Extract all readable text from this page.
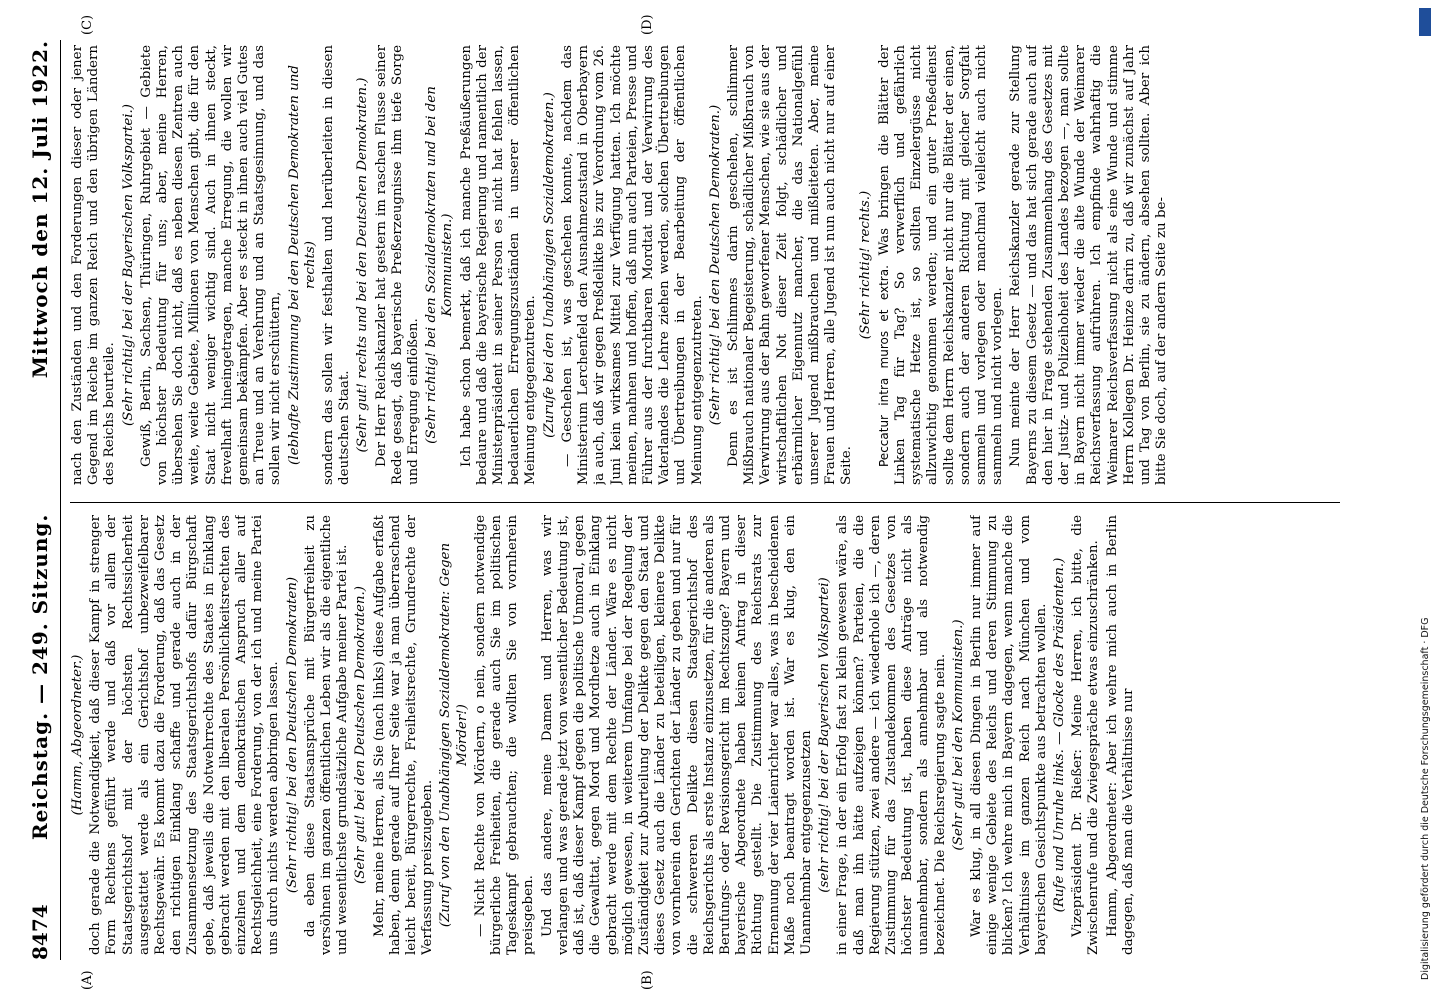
8474
Reichstag. — 249. Sitzung.
Mittwoch den 12. Juli 1922.
(A)	(B)
(C)	(D)

(Hamm, Abgeordneter.) doch gerade die Notwendigkeit, daß dieser Kampf in strenger Form Rechtens geführt werde und daß vor allem der Staatsgerichtshof mit der höchsten Rechtssicherheit ausgestattet werde als ein Gerichtshof unbezweifelbarer Rechtsgewähr. Es kommt dazu die Forderung, daß das Gesetz den richtigen Einklang schaffe und gerade auch in der Zusammensetzung des Staatsgerichtshofs dafür Bürgschaft gebe, daß jeweils die Notwehrrechte des Staates in Einklang gebracht werden mit den liberalen Persönlichkeitsrechten des einzelnen und dem demokratischen Anspruch aller auf Rechtsgleichheit, eine Forderung, von der ich und meine Partei uns durch nichts werden abbringen lassen. (Sehr richtig! bei den Deutschen Demokraten) da eben diese Staatsansprüche mit Bürgerfreiheit zu versöhnen im ganzen öffentlichen Leben wir als die eigentliche und wesentlichste grundsätzliche Aufgabe meiner Partei ist. (Sehr gut! bei den Deutschen Demokraten.) Mehr, meine Herren, als Sie (nach links) diese Aufgabe erfaßt haben, denn gerade auf Ihrer Seite war ja man überraschend leicht bereit, Bürgerrechte, Freiheitsrechte, Grundrechte der Verfassung preiszugeben. (Zuruf von den Unabhängigen Sozialdemokraten: Gegen Mörder!) — Nicht Rechte von Mördern, o nein, sondern notwendige bürgerliche Freiheiten, die gerade auch Sie im politischen Tageskampf gebrauchten; die wollten Sie von vornherein preisgeben. Und das andere, meine Damen und Herren, was wir verlangen und was gerade jetzt von wesentlicher Bedeutung ist, daß ist, daß dieser Kampf gegen die politische Unmoral, gegen die Gewalttat, gegen Mord und Mordhetze auch in Einklang gebracht werde mit dem Rechte der Länder. Wäre es nicht möglich gewesen, in weiterem Umfange bei der Regelung der Zuständigkeit zur Aburteilung der Delikte gegen den Staat und dieses Gesetz auch die Länder zu beteiligen, kleinere Delikte von vornherein den Gerichten der Länder zu geben und nur für die schwereren Delikte diesen Staatsgerichtshof des Reichsgerichts als erste Instanz einzusetzen, für die anderen als Berufungs- oder Revisionsgericht im Rechtszuge? Bayern und bayerische Abgeordnete haben keinen Antrag in dieser Richtung gestellt. Die Zustimmung des Reichsrats zur Ernennung der vier Laienrichter war alles, was in bescheidenen Maße noch beantragt worden ist. War es klug, den ein Unannehmbar entgegenzusetzen (sehr richtig! bei der Bayerischen Volkspartei) in einer Frage, in der ein Erfolg fast zu klein gewesen wäre, als daß man ihn hätte aufzeigen können? Parteien, die die Regierung stützen, zwei andere — ich wiederhole ich —, deren Zustimmung für das Zustandekommen des Gesetzes von höchster Bedeutung ist, haben diese Anträge nicht als unannehmbar, sondern als annehmbar und als notwendig bezeichnet. Die Reichsregierung sagte nein. (Sehr gut! bei den Kommunisten.) War es klug, in all diesen Dingen in Berlin nur immer auf einige wenige Gebiete des Reichs und deren Stimmung zu blicken? Ich wehre mich in Bayern dagegen, wenn manche die Verhältnisse im ganzen Reich nach München und vom bayerischen Gesichtspunkte aus betrachten wollen. (Rufe und Unruhe links. — Glocke des Präsidenten.) Vizepräsident Dr. Rießer: Meine Herren, ich bitte, die Zwischenrufe und die Zwiegespräche etwas einzuschränken. Hamm, Abgeordneter: Aber ich wehre mich auch in Berlin dagegen, daß man die Verhältnisse nur

nach den Zuständen und den Forderungen dieser oder jener Gegend im Reiche im ganzen Reich und den übrigen Ländern des Reichs beurteile. (Sehr richtig! bei der Bayerischen Volkspartei.) Gewiß, Berlin, Sachsen, Thüringen, Ruhrgebiet — Gebiete von höchster Bedeutung für uns; aber, meine Herren, übersehen Sie doch nicht, daß es neben diesen Zentren auch weite, weite Gebiete, Millionen von Menschen gibt, die für den Staat nicht weniger wichtig sind. Auch in ihnen steckt, frevelhaft hineingetragen, manche Erregung, die wollen wir gemeinsam bekämpfen. Aber es steckt in ihnen auch viel Gutes an Treue und an Verehrung und an Staatsgesinnung, und das sollen wir nicht erschüttern, (lebhafte Zustimmung bei den Deutschen Demokraten und rechts) sondern das sollen wir festhalten und herüberleiten in diesen deutschen Staat. (Sehr gut! rechts und bei den Deutschen Demokraten.) Der Herr Reichskanzler hat gestern im raschen Flusse seiner Rede gesagt, daß bayerische Preßerzeugnisse ihm tiefe Sorge und Erregung einflößen. (Sehr richtig! bei den Sozialdemokraten und bei den Kommunisten.) Ich habe schon bemerkt, daß ich manche Preßäußerungen bedaure und daß die bayerische Regierung und namentlich der Ministerpräsident in seiner Person es nicht hat fehlen lassen, bedauerlichen Erregungszuständen in unserer öffentlichen Meinung entgegenzutreten. (Zurufe bei den Unabhängigen Sozialdemokraten.) — Geschehen ist, was geschehen konnte, nachdem das Ministerium Lerchenfeld den Ausnahmezustand in Oberbayern ja auch, daß wir gegen Preßdelikte bis zur Verordnung vom 26. Juni kein wirksames Mittel zur Verfügung hatten. Ich möchte meinen, mahnen und hoffen, daß nun auch Parteien, Presse und Führer aus der furchtbaren Mordtat und der Verwirrung des Vaterlandes die Lehre ziehen werden, solchen Übertreibungen und Übertreibungen in der Bearbeitung der öffentlichen Meinung entgegenzutreten. (Sehr richtig! bei den Deutschen Demokraten.) Denn es ist Schlimmes darin geschehen, schlimmer Mißbrauch nationaler Begeisterung, schädlicher Mißbrauch von Verwirrung aus der Bahn geworfener Menschen, wie sie aus der wirtschaftlichen Not dieser Zeit folgt, schädlicher und erbärmlicher Eigennutz mancher, die das Nationalgefühl unserer Jugend mißbrauchen und mißleiteten. Aber, meine Frauen und Herren, alle Jugend ist nun auch nicht nur auf einer Seite.

(Sehr richtig! rechts.)

Peccatur intra muros et extra. Was bringen die Blätter der Linken Tag für Tag? So verwerflich und gefährlich systematische Hetze ist, so sollten Einzelergüsse nicht allzuwichtig genommen werden; und ein guter Preßedienst sollte dem Herrn Reichskanzler nicht nur die Blätter der einen, sondern auch der anderen Richtung mit gleicher Sorgfalt sammeln und vorlegen oder manchmal vielleicht auch nicht sammeln und nicht vorlegen. Nun meinte der Herr Reichskanzler gerade zur Stellung Bayerns zu diesem Gesetz — und das hat sich gerade auch auf den hier in Frage stehenden Zusammenhang des Gesetzes mit der Justiz- und Polizeihoheit des Landes bezogen —, man sollte in Bayern nicht immer wieder die alte Wunde der Weimarer Reichsverfassung aufrühren. Ich empfinde wahrhaftig die Weimarer Reichsverfassung nicht als eine Wunde und stimme Herrn Kollegen Dr. Heinze darin zu, daß wir zunächst auf Jahr und Tag von Berlin, sie zu ändern, absehen sollten. Aber ich bitte Sie doch, auf der andern Seite zu be-

Digitalisierung gefördert durch die Deutsche Forschungsgemeinschaft · DFG
